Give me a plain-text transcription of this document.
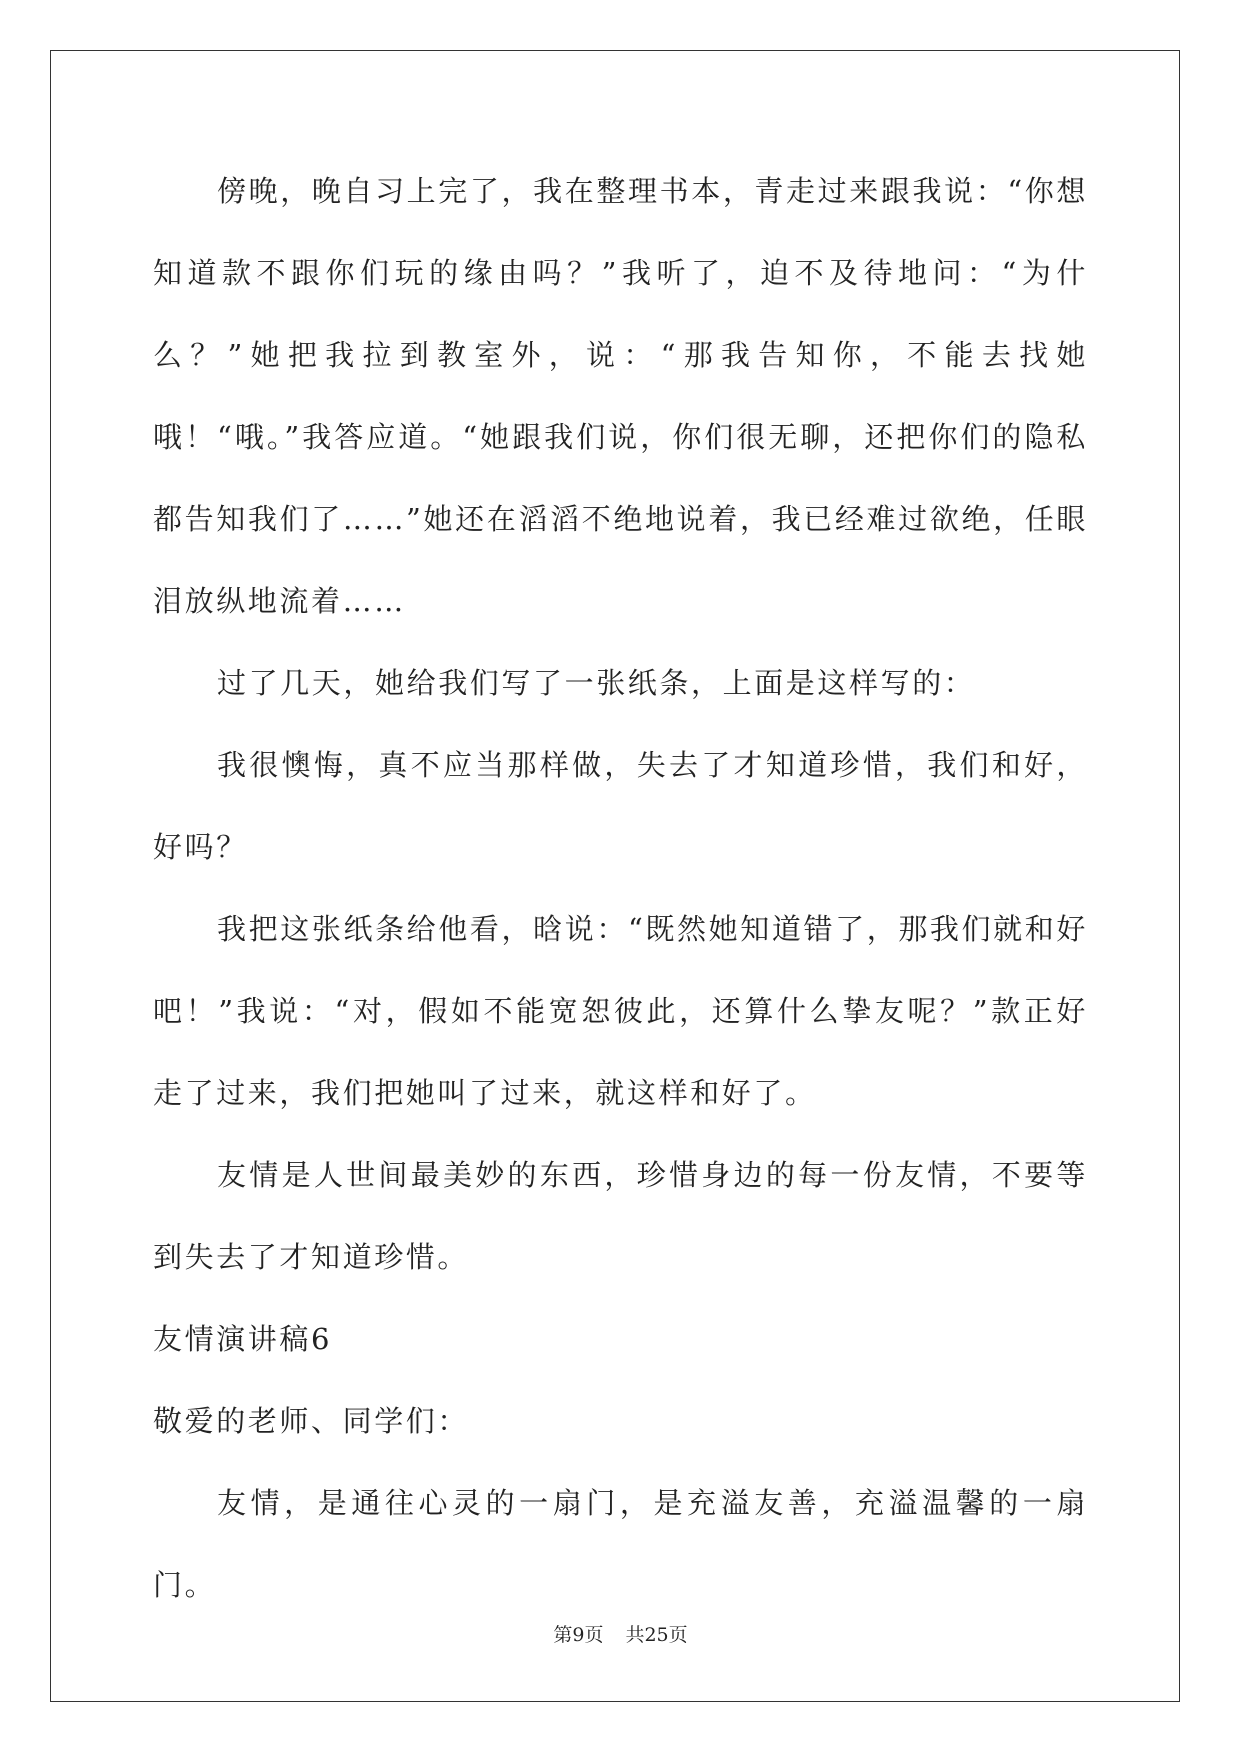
傍晚，晚自习上完了，我在整理书本，青走过来跟我说：“你想知道款不跟你们玩的缘由吗？”我听了，迫不及待地问：“为什么？”她把我拉到教室外，说：“那我告知你，不能去找她哦！“哦。”我答应道。“她跟我们说，你们很无聊，还把你们的隐私都告知我们了……”她还在滔滔不绝地说着，我已经难过欲绝，任眼泪放纵地流着……

过了几天，她给我们写了一张纸条，上面是这样写的：

我很懊悔，真不应当那样做，失去了才知道珍惜，我们和好，好吗？

我把这张纸条给他看，晗说：“既然她知道错了，那我们就和好吧！”我说：“对，假如不能宽恕彼此，还算什么挚友呢？”款正好走了过来，我们把她叫了过来，就这样和好了。

友情是人世间最美妙的东西，珍惜身边的每一份友情，不要等到失去了才知道珍惜。

友情演讲稿6

敬爱的老师、同学们：

友情，是通往心灵的一扇门，是充溢友善，充溢温馨的一扇门。

第9页 共25页
